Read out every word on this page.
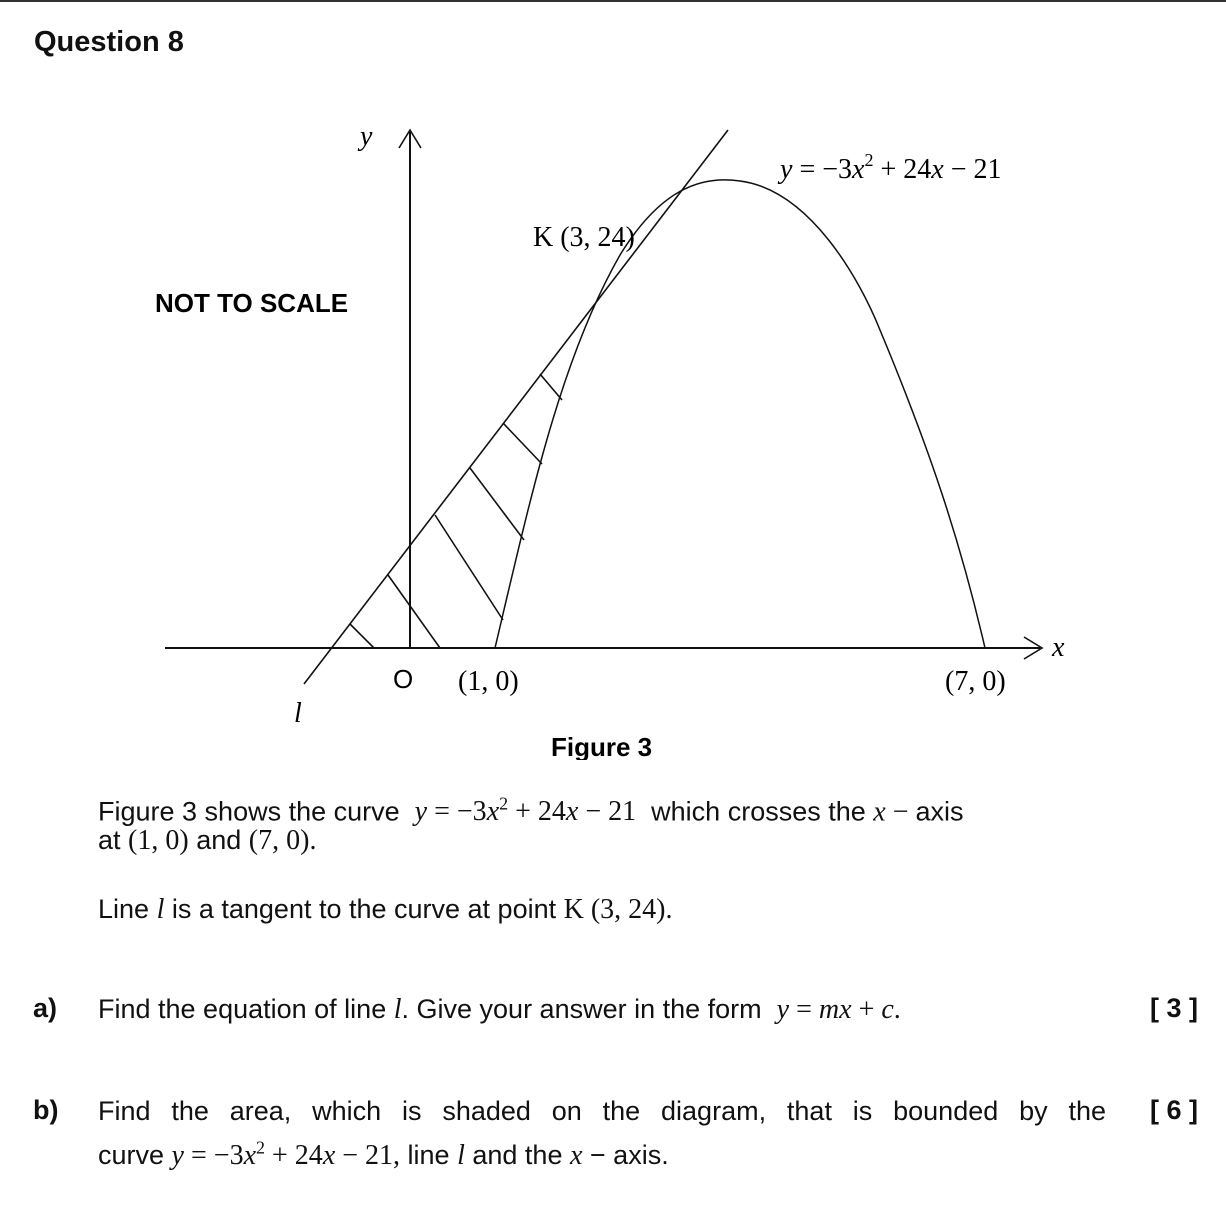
Question 8
y
x
NOT TO SCALE
K (3, 24)
O (1, 0)	(7, 0)
l
$y = -3x^2 + 24x - 21$
Figure 3
Figure 3 shows the curve $y = -3x^2 + 24x - 21$ which crosses the x − axis
at (1, 0) and (7, 0).
Line l is a tangent to the curve at point K (3, 24).
a) Find the equation of line l. Give your answer in the form y = mx + c.	[ 3 ]
b) Find the area, which is shaded on the diagram, that is bounded by the
curve $y = -3x^2 + 24x - 21$, line l and the x − axis.
[ 6 ]
